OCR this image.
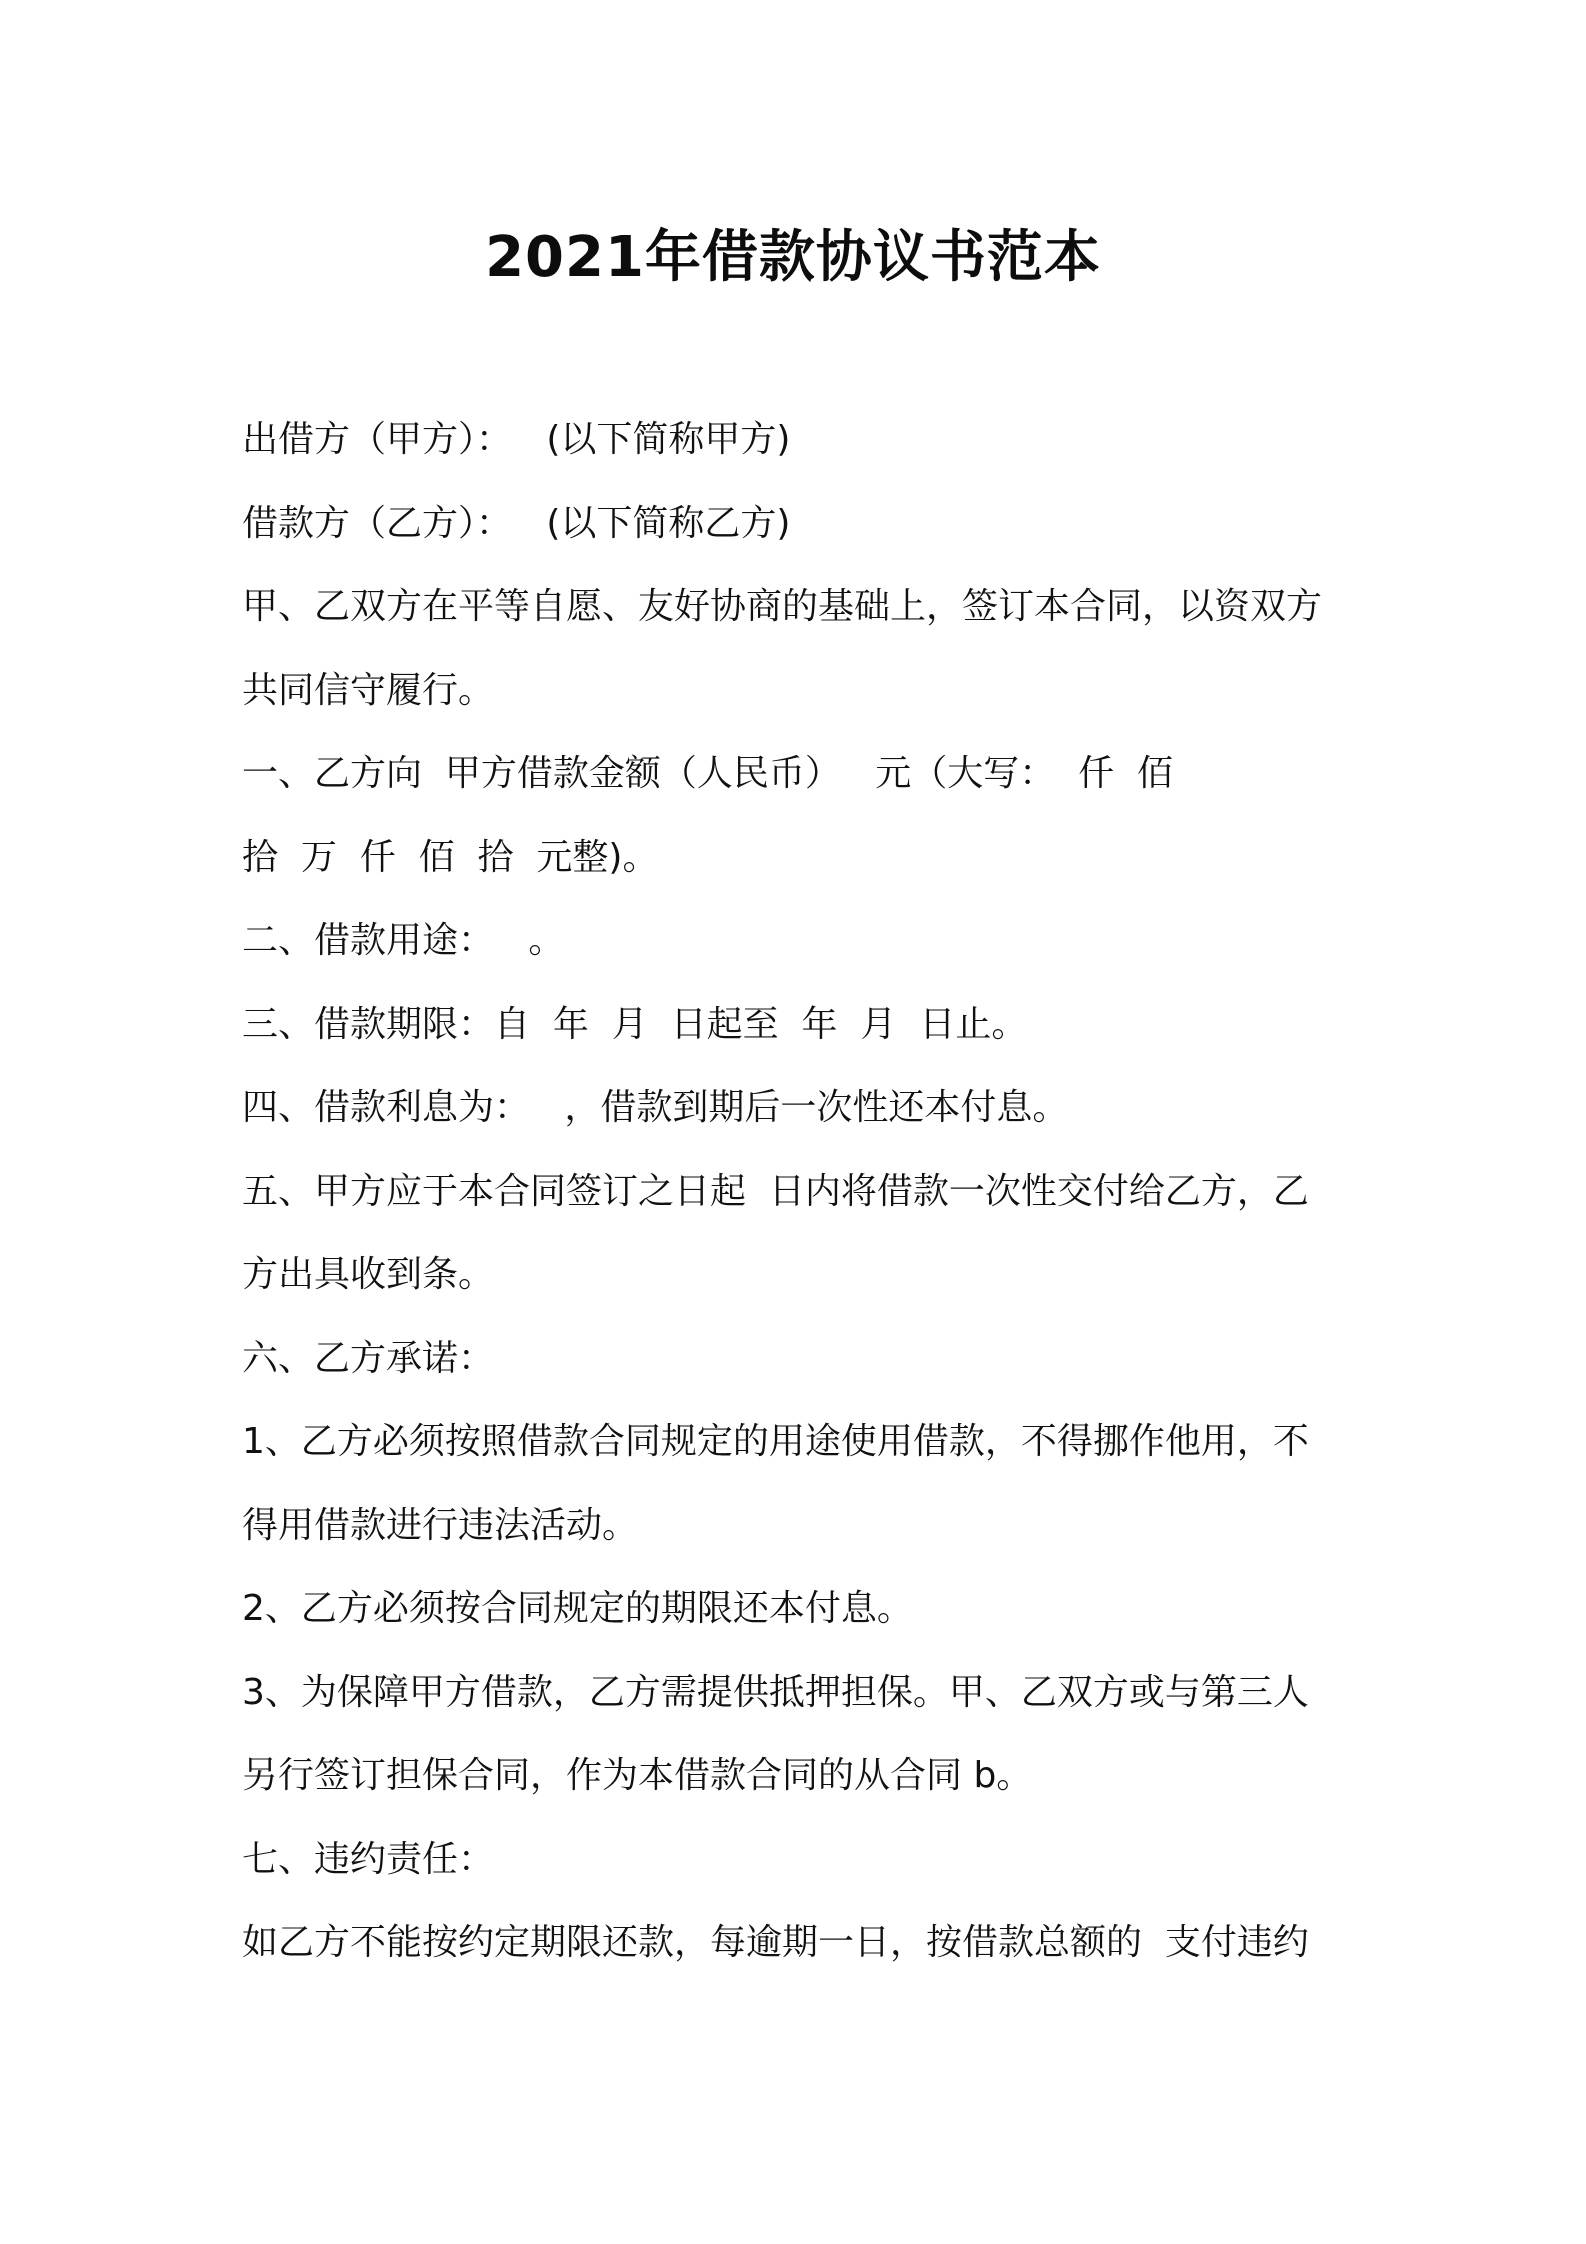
2021年借款协议书范本

出借方（甲方）：   (以下简称甲方)

借款方（乙方）：   (以下简称乙方)

甲、乙双方在平等自愿、友好协商的基础上，签订本合同，以资双方

共同信守履行。

一、乙方向  甲方借款金额（人民币）   元（大写：  仟  佰

拾  万  仟  佰  拾  元整)。

二、借款用途：   。

三、借款期限：自  年  月  日起至  年  月  日止。

四、借款利息为：   ，借款到期后一次性还本付息。

五、甲方应于本合同签订之日起  日内将借款一次性交付给乙方，乙

方出具收到条。

六、乙方承诺：

1、乙方必须按照借款合同规定的用途使用借款，不得挪作他用，不

得用借款进行违法活动。

2、乙方必须按合同规定的期限还本付息。

3、为保障甲方借款，乙方需提供抵押担保。甲、乙双方或与第三人

另行签订担保合同，作为本借款合同的从合同 b。

七、违约责任：

如乙方不能按约定期限还款，每逾期一日，按借款总额的  支付违约
